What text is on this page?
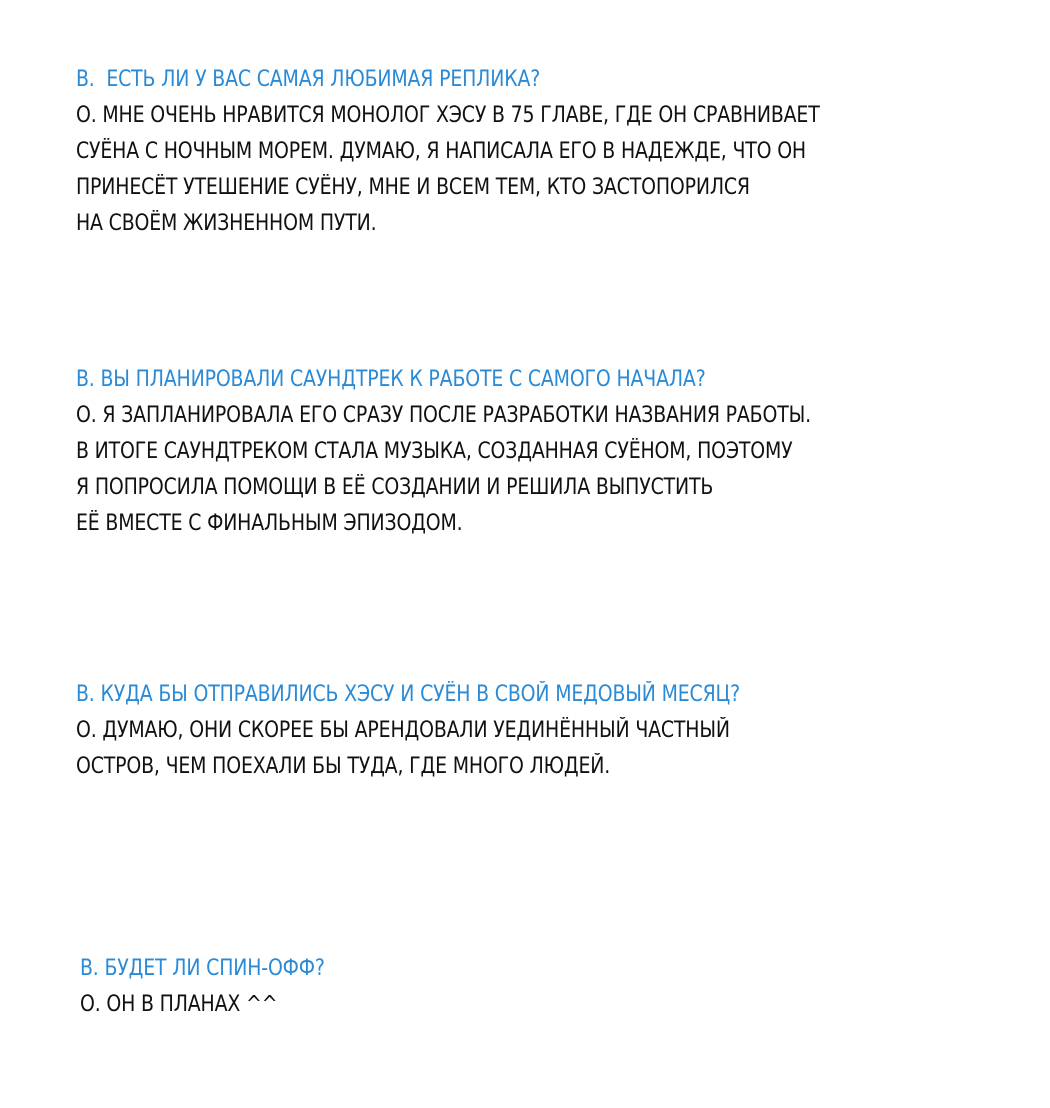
В.  ЕСТЬ ЛИ У ВАС САМАЯ ЛЮБИМАЯ РЕПЛИКА?

О. МНЕ ОЧЕНЬ НРАВИТСЯ МОНОЛОГ ХЭСУ В 75 ГЛАВЕ, ГДЕ ОН СРАВНИВАЕТ

СУЁНА С НОЧНЫМ МОРЕМ. ДУМАЮ, Я НАПИСАЛА ЕГО В НАДЕЖДЕ, ЧТО ОН

ПРИНЕСЁТ УТЕШЕНИЕ СУЁНУ, МНЕ И ВСЕМ ТЕМ, КТО ЗАСТОПОРИЛСЯ

НА СВОЁМ ЖИЗНЕННОМ ПУТИ.

В. ВЫ ПЛАНИРОВАЛИ САУНДТРЕК К РАБОТЕ С САМОГО НАЧАЛА?

О. Я ЗАПЛАНИРОВАЛА ЕГО СРАЗУ ПОСЛЕ РАЗРАБОТКИ НАЗВАНИЯ РАБОТЫ.

В ИТОГЕ САУНДТРЕКОМ СТАЛА МУЗЫКА, СОЗДАННАЯ СУЁНОМ, ПОЭТОМУ

Я ПОПРОСИЛА ПОМОЩИ В ЕЁ СОЗДАНИИ И РЕШИЛА ВЫПУСТИТЬ

ЕЁ ВМЕСТЕ С ФИНАЛЬНЫМ ЭПИЗОДОМ.

В. КУДА БЫ ОТПРАВИЛИСЬ ХЭСУ И СУЁН В СВОЙ МЕДОВЫЙ МЕСЯЦ?

О. ДУМАЮ, ОНИ СКОРЕЕ БЫ АРЕНДОВАЛИ УЕДИНЁННЫЙ ЧАСТНЫЙ

ОСТРОВ, ЧЕМ ПОЕХАЛИ БЫ ТУДА, ГДЕ МНОГО ЛЮДЕЙ.

В. БУДЕТ ЛИ СПИН-ОФФ?

О. ОН В ПЛАНАХ ^^
